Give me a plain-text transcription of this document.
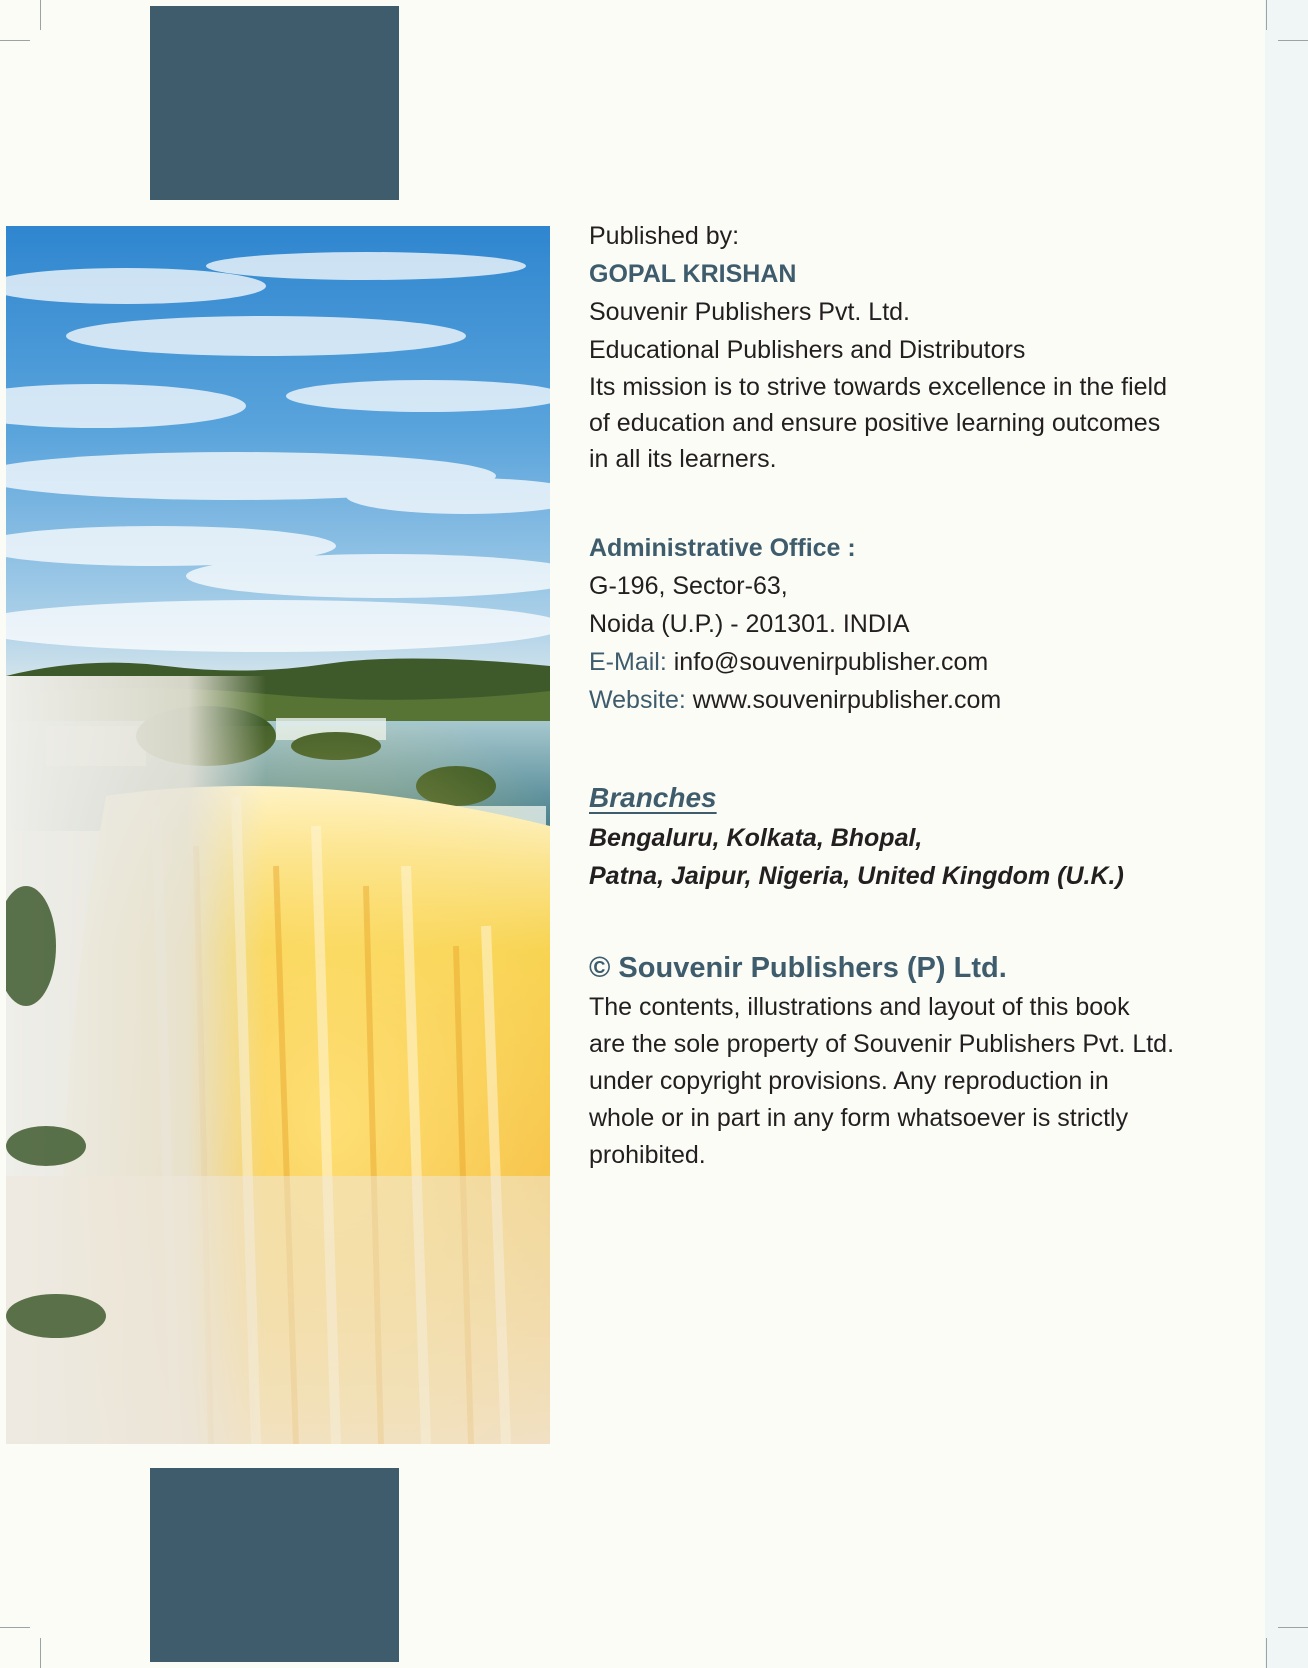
Published by:

GOPAL KRISHAN

Souvenir Publishers Pvt. Ltd.

Educational Publishers and Distributors

Its mission is to strive towards excellence in the field

of education and ensure positive learning outcomes

in all its learners.

Administrative Office :

G-196, Sector-63,

Noida (U.P.) - 201301. INDIA

E-Mail: info@souvenirpublisher.com

Website: www.souvenirpublisher.com

Branches

Bengaluru, Kolkata, Bhopal,

Patna, Jaipur, Nigeria, United Kingdom (U.K.)

© Souvenir Publishers (P) Ltd.

The contents, illustrations and layout of this book

are the sole property of Souvenir Publishers Pvt. Ltd.

under copyright provisions. Any reproduction in

whole or in part in any form whatsoever is strictly

prohibited.
